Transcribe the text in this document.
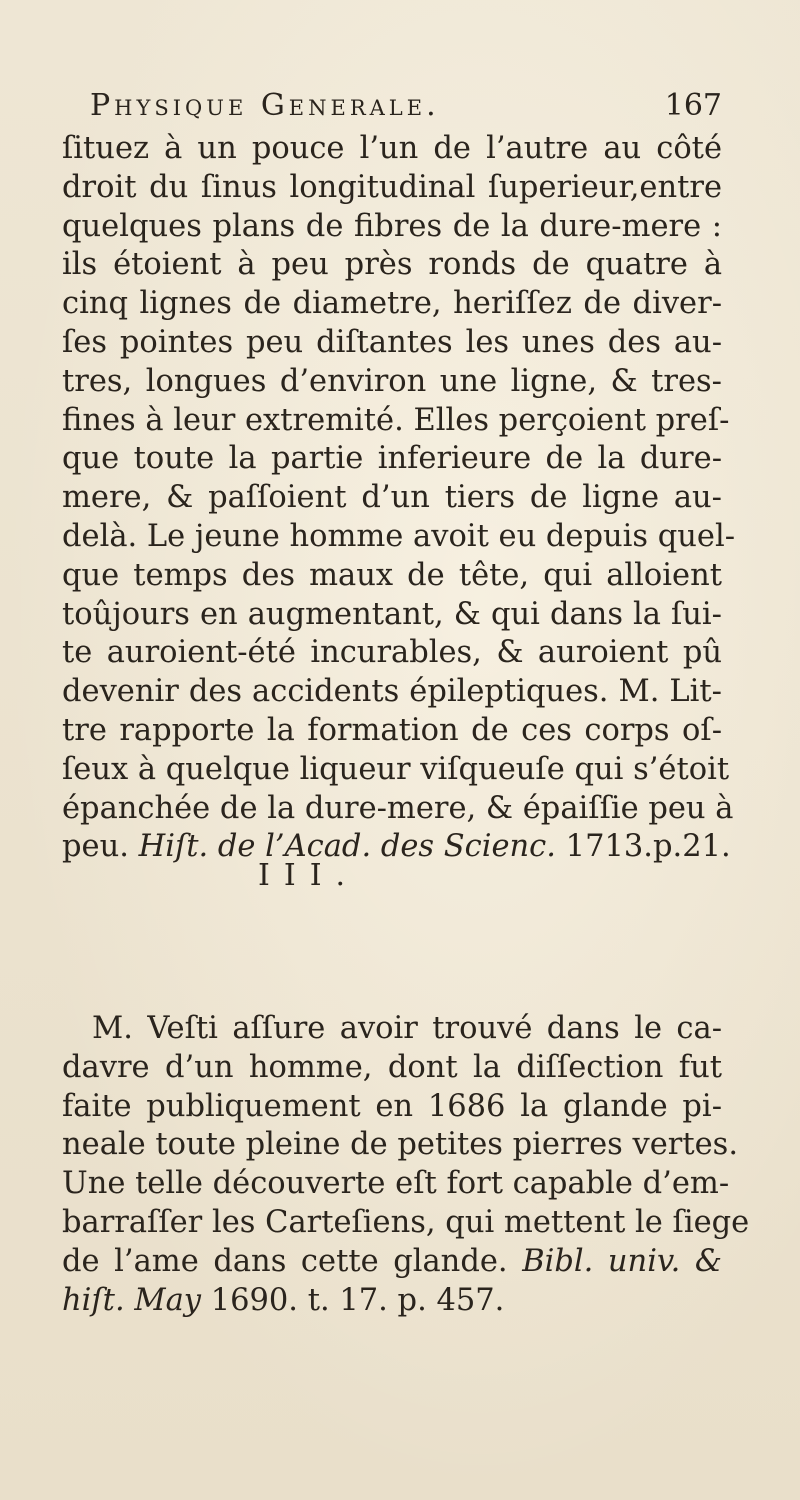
Physique Generale.	167
ſituez à un pouce l’un de l’autre au côté
droit du ſinus longitudinal ſuperieur,entre
quelques plans de fibres de la dure-mere :
ils étoient à peu près ronds de quatre à
cinq lignes de diametre, heriſſez de diver-
ſes pointes peu diſtantes les unes des au-
tres, longues d’environ une ligne, & tres-
fines à leur extremité. Elles perçoient preſ-
que toute la partie inferieure de la dure-
mere, & paſſoient d’un tiers de ligne au-
delà. Le jeune homme avoit eu depuis quel-
que temps des maux de tête, qui alloient
toûjours en augmentant, & qui dans la ſui-
te auroient-été incurables, & auroient pû
devenir des accidents épileptiques. M. Lit-
tre rapporte la formation de ces corps oſ-
ſeux à quelque liqueur viſqueuſe qui s’étoit
épanchée de la dure-mere, & épaiſſie peu à
peu. Hiſt. de l’Acad. des Scienc. 1713.p.21.
III.
M. Veſti aſſure avoir trouvé dans le ca-
davre d’un homme, dont la diſſection fut
faite publiquement en 1686 la glande pi-
neale toute pleine de petites pierres vertes.
Une telle découverte eſt fort capable d’em-
barraſſer les Carteſiens, qui mettent le ſiege
de l’ame dans cette glande. Bibl. univ. &
hiſt. May 1690. t. 17. p. 457.
